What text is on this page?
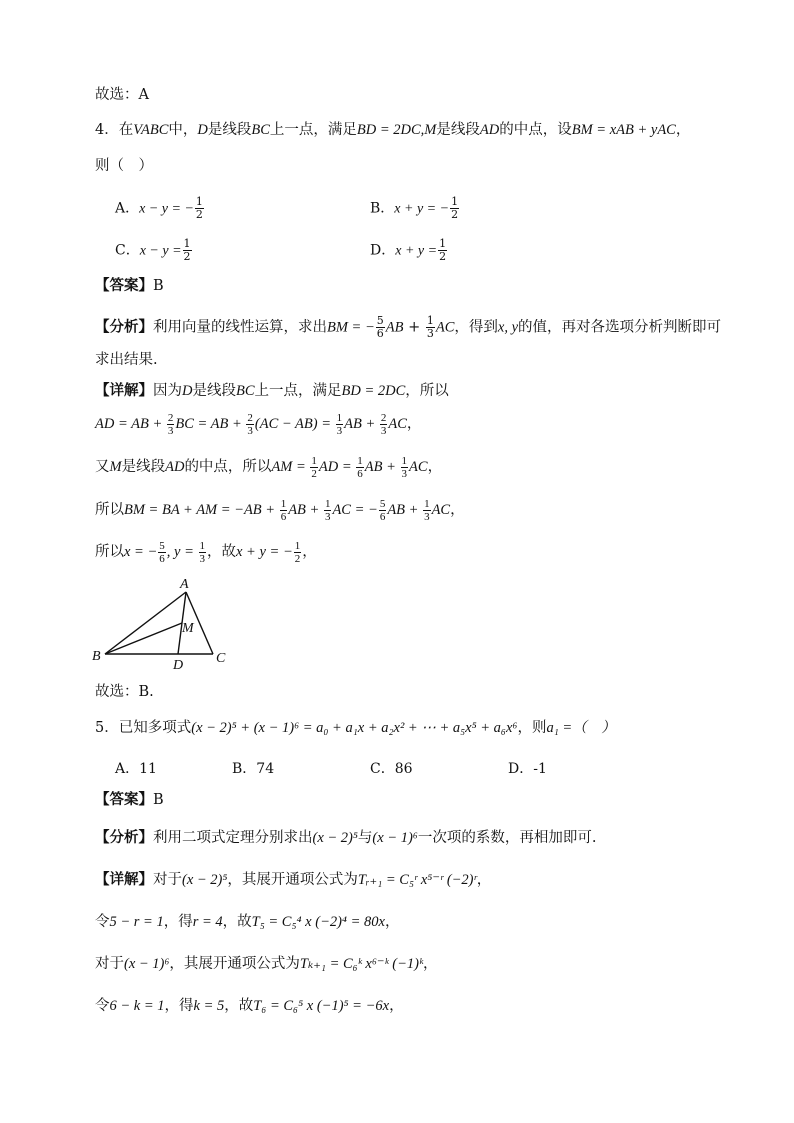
故选：A
4．在VABC中，D是线段BC上一点，满足BD = 2DC,M是线段AD的中点，设BM = xAB + yAC，
则（　）
A．x − y = − $\frac{1}{2}$	B．x + y = − $\frac{1}{2}$
C．$x - y = \frac{1}{2}$	D．$x + y = \frac{1}{2}$
【答案】B
【分析】利用向量的线性运算，求出BM = − $\frac{5}{6}$ AB + $\frac{1}{3}$ AC，得到x, y的值，再对各选项分析判断即可
求出结果.
【详解】因为D是线段BC上一点，满足BD = 2DC，所以
AD = AB + $\frac{2}{3}$ BC = AB + $\frac{2}{3} (AC - AB) = \frac{1}{3}$ AB + $\frac{2}{3}$ AC，
又M是线段AD的中点，所以AM = $\frac{1}{2}$ AD = $\frac{1}{6}$ AB + $\frac{1}{3}$ AC，
所以BM = BA + AM = $-AB + \frac{1}{6}$ AB + $\frac{1}{3}$ AC = − $\frac{5}{6}$ AB + $\frac{1}{3}$ AC，
所以x = − $\frac{5}{6}$ , $y = \frac{1}{3}$ ，故x + y = − $\frac{1}{2}$ ，
A
B	C
D
M
故选：B.
5．已知多项式(x − 2)⁵ + (x − 1)⁶ = a₀ + a₁x + a₂x² + ⋯ + a₅x⁵ + a₆x⁶，则a₁ =（　）
A．11	B．74	C．86	D．-1
【答案】B
【分析】利用二项式定理分别求出(x − 2)⁵与(x − 1)⁶一次项的系数，再相加即可.
【详解】对于(x − 2)⁵，其展开通项公式为Tᵣ₊₁ = C₅ʳ x⁵⁻ʳ (−2)ʳ，
令5 − r = 1，得r = 4，故T₅ = C₅⁴ x (−2)⁴ = 80x，
对于(x − 1)⁶，其展开通项公式为Tₖ₊₁ = C₆ᵏ x⁶⁻ᵏ (−1)ᵏ，
令6 − k = 1，得k = 5，故T₆ = C₆⁵ x (−1)⁵ = −6x，
